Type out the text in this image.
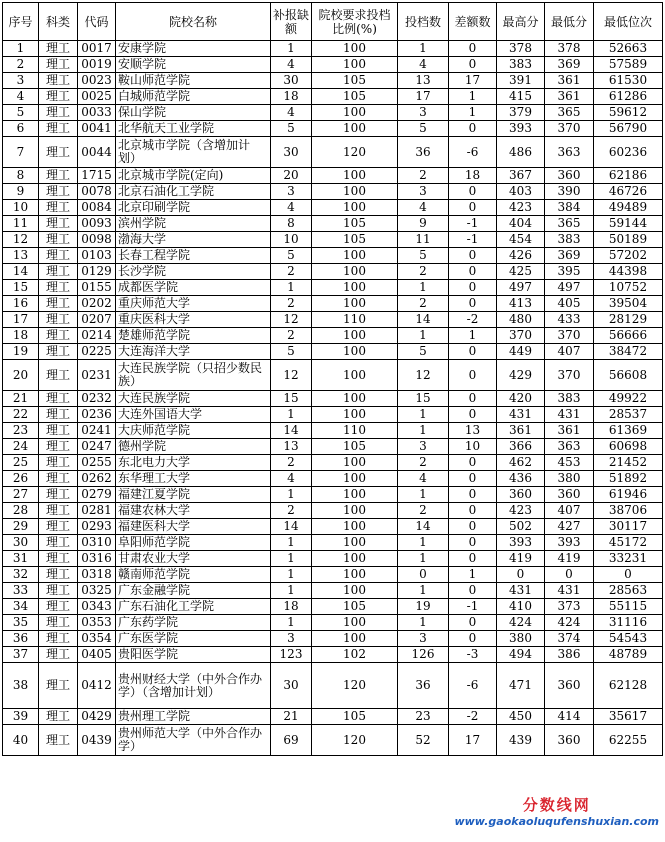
序号	科类	代码	院校名称	补报缺额	院校要求投档比例(%)	投档数	差额数	最高分	最低分	最低位次
1	理工	0017	安康学院	1	100	1	0	378	378	52663
2	理工	0019	安顺学院	4	100	4	0	383	369	57589
3	理工	0023	鞍山师范学院	30	105	13	17	391	361	61530
4	理工	0025	白城师范学院	18	105	17	1	415	361	61286
5	理工	0033	保山学院	4	100	3	1	379	365	59612
6	理工	0041	北华航天工业学院	5	100	5	0	393	370	56790
7	理工	0044	北京城市学院（含增加计划）	30	120	36	-6	486	363	60236
8	理工	1715	北京城市学院(定向)	20	100	2	18	367	360	62186
9	理工	0078	北京石油化工学院	3	100	3	0	403	390	46726
10	理工	0084	北京印刷学院	4	100	4	0	423	384	49489
11	理工	0093	滨州学院	8	105	9	-1	404	365	59144
12	理工	0098	渤海大学	10	105	11	-1	454	383	50189
13	理工	0103	长春工程学院	5	100	5	0	426	369	57202
14	理工	0129	长沙学院	2	100	2	0	425	395	44398
15	理工	0155	成都医学院	1	100	1	0	497	497	10752
16	理工	0202	重庆师范大学	2	100	2	0	413	405	39504
17	理工	0207	重庆医科大学	12	110	14	-2	480	433	28129
18	理工	0214	楚雄师范学院	2	100	1	1	370	370	56666
19	理工	0225	大连海洋大学	5	100	5	0	449	407	38472
20	理工	0231	大连民族学院（只招少数民族）	12	100	12	0	429	370	56608
21	理工	0232	大连民族学院	15	100	15	0	420	383	49922
22	理工	0236	大连外国语大学	1	100	1	0	431	431	28537
23	理工	0241	大庆师范学院	14	110	1	13	361	361	61369
24	理工	0247	德州学院	13	105	3	10	366	363	60698
25	理工	0255	东北电力大学	2	100	2	0	462	453	21452
26	理工	0262	东华理工大学	4	100	4	0	436	380	51892
27	理工	0279	福建江夏学院	1	100	1	0	360	360	61946
28	理工	0281	福建农林大学	2	100	2	0	423	407	38706
29	理工	0293	福建医科大学	14	100	14	0	502	427	30117
30	理工	0310	阜阳师范学院	1	100	1	0	393	393	45172
31	理工	0316	甘肃农业大学	1	100	1	0	419	419	33231
32	理工	0318	赣南师范学院	1	100	0	1	0	0	0
33	理工	0325	广东金融学院	1	100	1	0	431	431	28563
34	理工	0343	广东石油化工学院	18	105	19	-1	410	373	55115
35	理工	0353	广东药学院	1	100	1	0	424	424	31116
36	理工	0354	广东医学院	3	100	3	0	380	374	54543
37	理工	0405	贵阳医学院	123	102	126	-3	494	386	48789
38	理工	0412	贵州财经大学（中外合作办学）（含增加计划）	30	120	36	-6	471	360	62128
39	理工	0429	贵州理工学院	21	105	23	-2	450	414	35617
40	理工	0439	贵州师范大学（中外合作办学）	69	120	52	17	439	360	62255
分数线网
www.gaokaoluqufenshuxian.com
